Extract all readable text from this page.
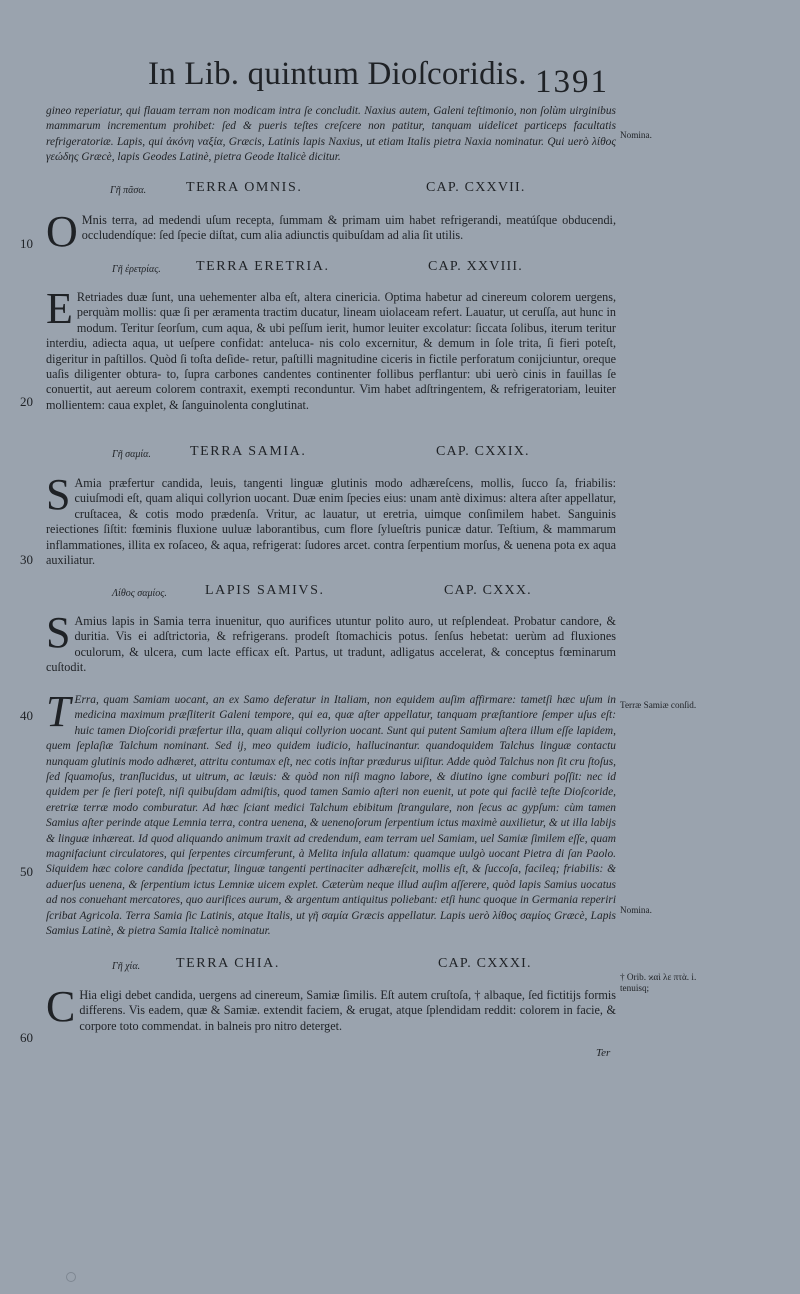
In Lib. quintum Dioſcoridis. 1391
gineo reperiatur, qui flauam terram non modicam intra ſe concludit. Naxius autem, Galeni teſtimonio, non ſolùm uirginibus mammarum incrementum prohibet: ſed & pueris teſtes creſcere non patitur, tanquam uidelicet particeps facultatis refrigeratoriæ. Lapis, qui ἀκόνη ναξία, Græcis, Latinis lapis Naxius, ut etiam Italis pietra Naxia nominatur. Qui uerò λίθος γεώδης Græcè, lapis Geodes Latinè, pietra Geode Italicè dicitur.
Nomina.
Γῆ πᾶσα.	TERRA OMNIS.	CAP. CXXVII.
O Mnis terra, ad medendi uſum recepta, ſummam & primam uim habet refrigerandi, meatúſque obducendi, occludendíque: ſed ſpecie diſtat, cum alia adiunctis quibuſdam ad alia ſit utilis.
Γῆ ἐρετρίας.	TERRA ERETRIA.	CAP. XXVIII.
E Retriades duæ ſunt, una uehementer alba eſt, altera cinericia. Optima habetur ad cinereum colorem uergens, perquàm mollis: quæ ſi per æramenta tractim ducatur, lineam uiolaceam refert. Lauatur, ut ceruſſa, aut hunc in modum. Teritur ſeorſum, cum aqua, & ubi peſſum ierit, humor leuiter excolatur: ſiccata ſolibus, iterum teritur interdiu, adiecta aqua, ut ueſpere confidat: anteluca- nis colo excernitur, & demum in ſole trita, ſi fieri poteſt, digeritur in paſtillos. Quòd ſi toſta deſide- retur, paſtilli magnitudine ciceris in fictile perforatum conijciuntur, oreque uaſis diligenter obtura- to, ſupra carbones candentes continenter follibus perflantur: ubi uerò cinis in fauillas ſe conuertit, aut aereum colorem contraxit, exempti reconduntur. Vim habet adſtringentem, & refrigeratoriam, leuiter mollientem: caua explet, & ſanguinolenta conglutinat.
Γῆ σαμία.	TERRA SAMIA.	CAP. CXXIX.
S Amia præfertur candida, leuis, tangenti linguæ glutinis modo adhæreſcens, mollis, ſucco ſa, friabilis: cuiuſmodi eſt, quam aliqui collyrion uocant. Duæ enim ſpecies eius: unam antè diximus: altera aſter appellatur, cruſtacea, & cotis modo prædenſa. Vritur, ac lauatur, ut eretria, uimque conſimilem habet. Sanguinis reiectiones ſiſtit: fœminis fluxione uuluæ laborantibus, cum flore ſylueſtris punicæ datur. Teſtium, & mammarum inflammationes, illita ex roſaceo, & aqua, refrigerat: ſudores arcet. contra ſerpentium morſus, & uenena pota ex aqua auxiliatur.
Λίθος σαμίος.	LAPIS SAMIVS.	CAP. CXXX.
S Amius lapis in Samia terra inuenitur, quo aurifices utuntur polito auro, ut reſplendeat. Probatur candore, & duritia. Vis ei adſtrictoria, & refrigerans. prodeſt ſtomachicis potus. ſenſus hebetat: uerùm ad fluxiones oculorum, & ulcera, cum lacte efficax eſt. Partus, ut tradunt, adligatus accelerat, & conceptus fœminarum cuſtodit.
T Erra, quam Samiam uocant, an ex Samo deferatur in Italiam, non equidem auſim affirmare: tametſi hæc uſum in medicina maximum præſliterit Galeni tempore, qui ea, quæ aſter appellatur, tanquam præſtantiore ſemper uſus eſt: huic tamen Dioſcoridi præfertur illa, quam aliqui collyrion uocant. Sunt qui putent Samium aſtera illum eſſe lapidem, quem ſeplaſiæ Talchum nominant. Sed ij, meo quidem iudicio, hallucinantur. quandoquidem Talchus linguæ contactu nunquam glutinis modo adhæret, attritu contumax eſt, nec cotis inſtar prædurus uiſitur. Adde quòd Talchus non ſit cru ſtoſus, ſed ſquamoſus, tranſlucidus, ut uitrum, ac læuis: & quòd non niſi magno labore, & diutino igne comburi poſſit: nec id quidem per ſe fieri poteſt, niſi quibuſdam admiſtis, quod tamen Samio aſteri non euenit, ut pote qui facilè teſte Dioſcoride, eretriæ terræ modo comburatur. Ad hæc ſciant medici Talchum ebibitum ſtrangulare, non ſecus ac gypſum: cùm tamen Samius aſter perinde atque Lemnia terra, contra uenena, & uenenoſorum ſerpentium ictus maximè auxilietur, & ut illa labijs & linguæ inhæreat. Id quod aliquando animum traxit ad credendum, eam terram uel Samiam, uel Samiæ ſimilem eſſe, quam magnifaciunt circulatores, qui ſerpentes circumferunt, à Melita inſula allatum: quamque uulgò uocant Pietra di ſan Paolo. Siquidem hæc colore candida ſpectatur, linguæ tangenti pertinaciter adhæreſcit, mollis eſt, & ſuccoſa, facileq; friabilis: & aduerſus uenena, & ſerpentium ictus Lemniæ uicem explet. Cæterùm neque illud auſim aſſerere, quòd lapis Samius uocatus ad nos conuehant mercatores, quo aurifices aurum, & argentum antiquitus poliebant: etſi hunc quoque in Germania reperiri ſcribat Agricola. Terra Samia ſic Latinis, atque Italis, ut γῆ σαμία Græcis appellatur. Lapis uerò λίθος σαμίος Græcè, Lapis Samius Latinè, & pietra Samia Italicè nominatur.
Terræ Samiæ conſid.
Nomina.
Γῆ χία.	TERRA CHIA.	CAP. CXXXI.
C Hia eligi debet candida, uergens ad cinereum, Samiæ ſimilis. Eſt autem cruſtoſa, † albaque, ſed fictitijs formis differens. Vis eadem, quæ & Samiæ. extendit faciem, & erugat, atque ſplendidam reddit: colorem in facie, & corpore toto commendat. in balneis pro nitro deterget.
† Orib. ϰαὶ λε πτὰ. i. tenuisq;
Ter
10
20
30
40
50
60
